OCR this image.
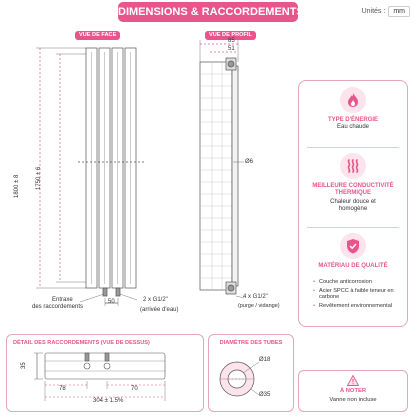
DIMENSIONS & RACCORDEMENTS	Unités :	mm
VUE DE FACE	VUE DE PROFIL
1800 ± 8	1750 ± 6
50
Entraxe
des raccordements
2 x G1/2"
(arrivée d'eau)
85
51
Ø6
4 x G1/2"
(purge / vidange)
TYPE D'ÉNERGIE
Eau chaude
MEILLEURE CONDUCTIVITÉ THERMIQUE
Chaleur douce et homogène
MATÉRIAU DE QUALITÉ
• Couche anticorrosion
• Acier SPCC à faible teneur en carbone
• Revêtement environnemental
DÉTAIL DES RACCORDEMENTS (VUE DE DESSUS)
35
78	70
304 ± 1.5%
DIAMÈTRE DES TUBES
Ø18
Ø35
À NOTER
Vanne non incluse
